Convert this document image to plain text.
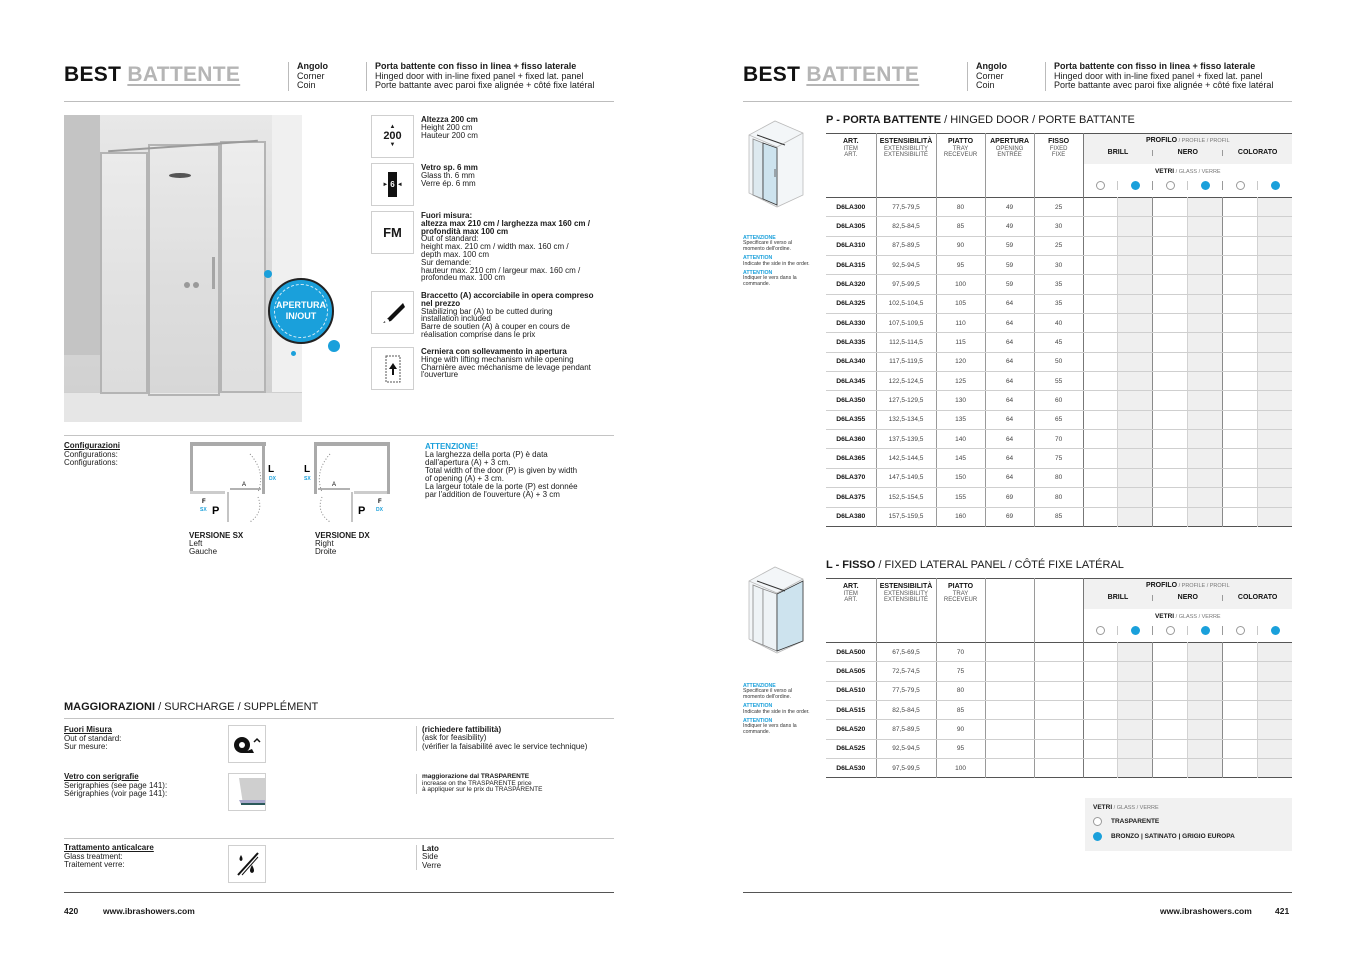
BEST BATTENTE	Angolo
Corner
Coin
Porta battente con fisso in linea + fisso laterale
Hinged door with in-line fixed panel + fixed lat. panel
Porte battante avec paroi fixe alignée + côté fixe latéral
APERTURA
IN/OUT
▲
200
▼
Altezza 200 cm
Height 200 cm
Hauteur 200 cm
► 6 ◄
Vetro sp. 6 mm
Glass th. 6 mm
Verre ép. 6 mm
FM
Fuori misura:
altezza max 210 cm / larghezza max 160 cm /
profondità max 100 cm
Out of standard:
height max. 210 cm / width max. 160 cm /
depth max. 100 cm
Sur demande:
hauteur max. 210 cm / largeur max. 160 cm /
profondeu max. 100 cm
Braccetto (A) accorciabile in opera compreso
nel prezzo
Stabilizing bar (A) to be cutted during
installation included
Barre de soutien (A) à couper en cours de
réalisation comprise dans le prix
Cerniera con sollevamento in apertura
Hinge with lifting mechanism while opening
Charnière avec méchanisme de levage pendant
l'ouverture
Configurazioni
Configurations:
Configurations:
A
L
DX
F
SX P
VERSIONE SX
Left
Gauche
A
L
SX
F
DX
P
VERSIONE DX
Right
Droite
ATTENZIONE!
La larghezza della porta (P) è data
dall'apertura (A) + 3 cm.
Total width of the door (P) is given by width
of opening (A) + 3 cm.
La largeur totale de la porte (P) est donnée
par l'addition de l'ouverture (A) + 3 cm
MAGGIORAZIONI / SURCHARGE / SUPPLÉMENT
Fuori Misura
Out of standard:
Sur mesure:
(richiedere fattibilità)
(ask for feasibility)
(vérifier la faisabilité avec le service technique)
Vetro con serigrafie
Serigraphies (see page 141):
Sérigraphies (voir page 141):
maggiorazione dal TRASPARENTE
increase on the TRASPARENTE price
à appliquer sur le prix du TRASPARENTE
Trattamento anticalcare
Glass treatment:
Traitement verre:
Lato
Side
Verre
420	www.ibrashowers.com
BEST BATTENTE	Angolo
Corner
Coin
Porta battente con fisso in linea + fisso laterale
Hinged door with in-line fixed panel + fixed lat. panel
Porte battante avec paroi fixe alignée + côté fixe latéral
ATTENZIONE
Specificare il verso al momento dell'ordine.
ATTENTION
Indicate the side in the order.
ATTENTION
Indiquer le vers dans la commande.
P - PORTA BATTENTE / HINGED DOOR / PORTE BATTANTE
ART.
ITEM
ART.	ESTENSIBILITÀ
EXTENSIBILITY
EXTENSIBILITÉ	PIATTO
TRAY
RECEVEUR	APERTURA
OPENING
ENTRÉE	FISSO
FIXED
FIXE	PROFILO / PROFILE / PROFIL
BRILL NERO COLORATO					

					VETRI / GLASS / VERRE					

D6LA300	77,5-79,5	80	49	25						
D6LA305	82,5-84,5	85	49	30						
D6LA310	87,5-89,5	90	59	25						
D6LA315	92,5-94,5	95	59	30						
D6LA320	97,5-99,5	100	59	35						
D6LA325	102,5-104,5	105	64	35						
D6LA330	107,5-109,5	110	64	40						
D6LA335	112,5-114,5	115	64	45						
D6LA340	117,5-119,5	120	64	50						
D6LA345	122,5-124,5	125	64	55						
D6LA350	127,5-129,5	130	64	60						
D6LA355	132,5-134,5	135	64	65						
D6LA360	137,5-139,5	140	64	70						
D6LA365	142,5-144,5	145	64	75						
D6LA370	147,5-149,5	150	64	80						
D6LA375	152,5-154,5	155	69	80						
D6LA380	157,5-159,5	160	69	85						
ATTENZIONE
Specificare il verso al momento dell'ordine.
ATTENTION
Indicate the side in the order.
ATTENTION
Indiquer le vers dans la commande.
L - FISSO / FIXED LATERAL PANEL / CÔTÉ FIXE LATÉRAL
ART.
ITEM
ART.	ESTENSIBILITÀ
EXTENSIBILITY
EXTENSIBILITÉ	PIATTO
TRAY
RECEVEUR			PROFILO / PROFILE / PROFIL
BRILL NERO COLORATO					

					VETRI / GLASS / VERRE					

D6LA500	67,5-69,5	70								
D6LA505	72,5-74,5	75								
D6LA510	77,5-79,5	80								
D6LA515	82,5-84,5	85								
D6LA520	87,5-89,5	90								
D6LA525	92,5-94,5	95								
D6LA530	97,5-99,5	100								
VETRI / GLASS / VERRE
TRASPARENTE
BRONZO | SATINATO | GRIGIO EUROPA
www.ibrashowers.com	421
